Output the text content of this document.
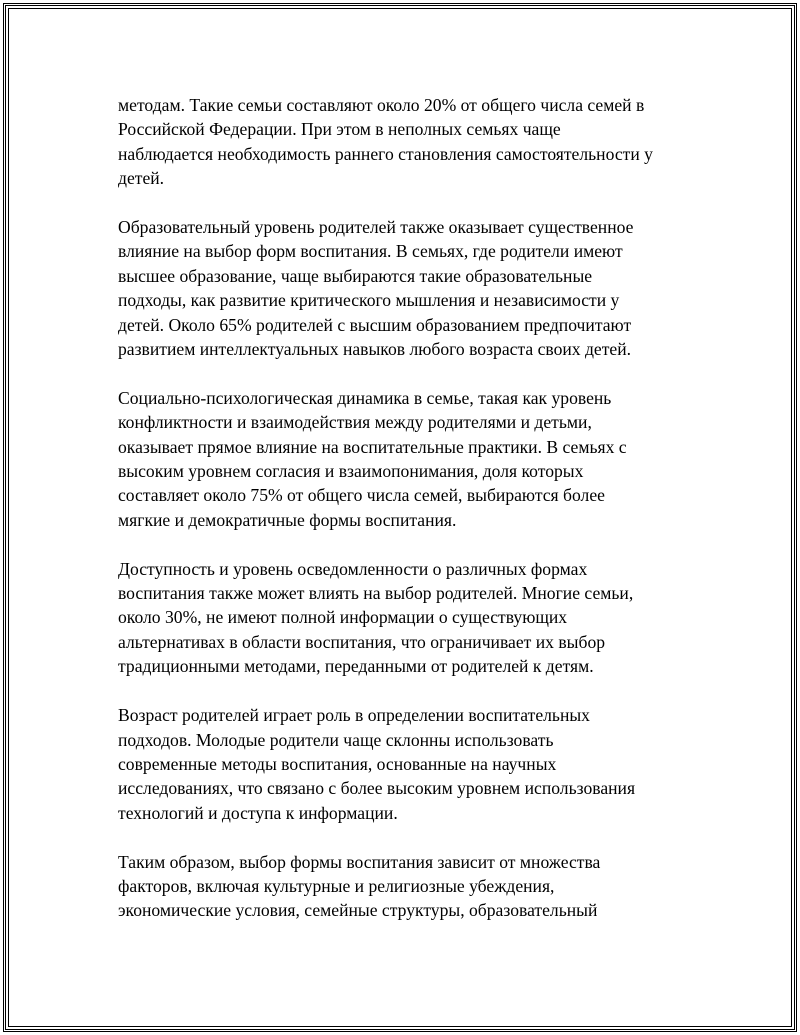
методам. Такие семьи составляют около 20% от общего числа семей в
Российской Федерации. При этом в неполных семьях чаще
наблюдается необходимость раннего становления самостоятельности у
детей.

Образовательный уровень родителей также оказывает существенное
влияние на выбор форм воспитания. В семьях, где родители имеют
высшее образование, чаще выбираются такие образовательные
подходы, как развитие критического мышления и независимости у
детей. Около 65% родителей с высшим образованием предпочитают
развитием интеллектуальных навыков любого возраста своих детей.

Социально-психологическая динамика в семье, такая как уровень
конфликтности и взаимодействия между родителями и детьми,
оказывает прямое влияние на воспитательные практики. В семьях с
высоким уровнем согласия и взаимопонимания, доля которых
составляет около 75% от общего числа семей, выбираются более
мягкие и демократичные формы воспитания.

Доступность и уровень осведомленности о различных формах
воспитания также может влиять на выбор родителей. Многие семьи,
около 30%, не имеют полной информации о существующих
альтернативах в области воспитания, что ограничивает их выбор
традиционными методами, переданными от родителей к детям.

Возраст родителей играет роль в определении воспитательных
подходов. Молодые родители чаще склонны использовать
современные методы воспитания, основанные на научных
исследованиях, что связано с более высоким уровнем использования
технологий и доступа к информации.

Таким образом, выбор формы воспитания зависит от множества
факторов, включая культурные и религиозные убеждения,
экономические условия, семейные структуры, образовательный
